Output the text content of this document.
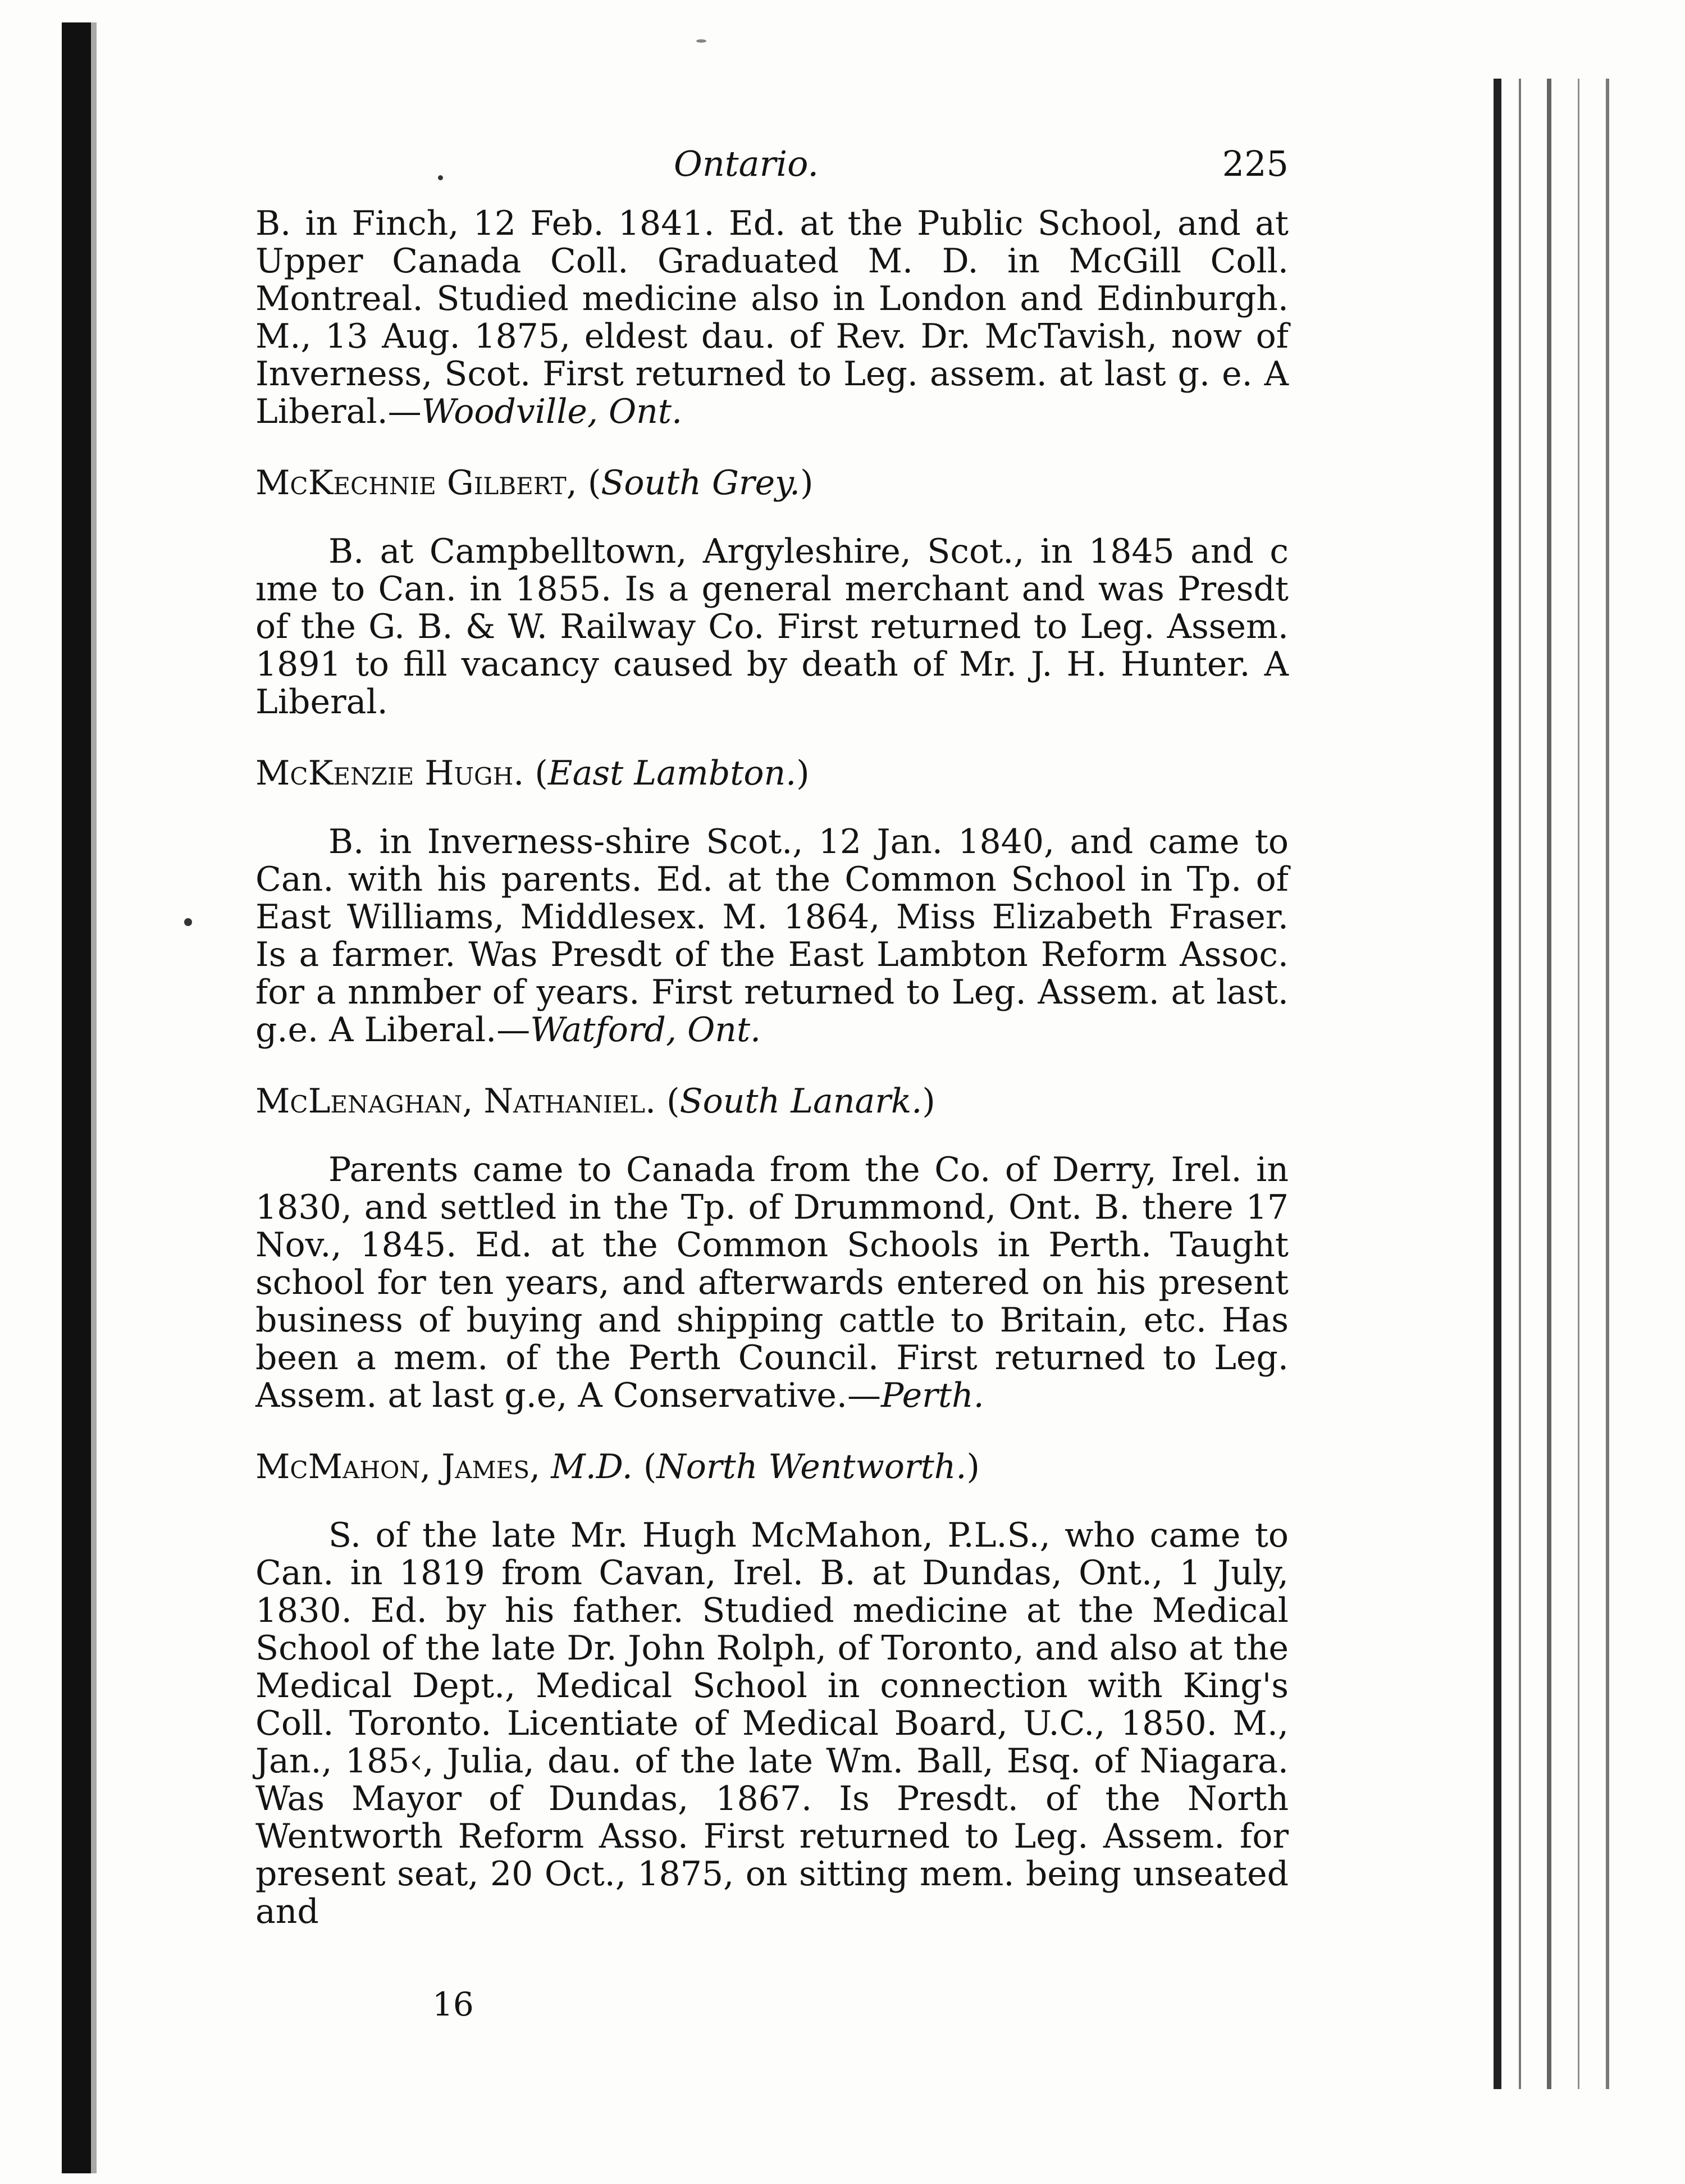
Ontario.	225

B. in Finch, 12 Feb. 1841. Ed. at the Public School, and at Upper Canada Coll. Graduated M. D. in McGill Coll. Montreal. Studied medicine also in London and Edinburgh. M., 13 Aug. 1875, eldest dau. of Rev. Dr. McTavish, now of Inverness, Scot. First returned to Leg. assem. at last g. e. A Liberal.—Woodville, Ont.

McKechnie Gilbert, (South Grey.)

B. at Campbelltown, Argyleshire, Scot., in 1845 and c ıme to Can. in 1855. Is a general merchant and was Presdt of the G. B. & W. Railway Co. First returned to Leg. Assem. 1891 to fill vacancy caused by death of Mr. J. H. Hunter. A Liberal.

McKenzie Hugh. (East Lambton.)

B. in Inverness-shire Scot., 12 Jan. 1840, and came to Can. with his parents. Ed. at the Common School in Tp. of East Williams, Middlesex. M. 1864, Miss Elizabeth Fraser. Is a farmer. Was Presdt of the East Lambton Reform Assoc. for a nnmber of years. First returned to Leg. Assem. at last. g.e. A Liberal.—Watford, Ont.

McLenaghan, Nathaniel. (South Lanark.)

Parents came to Canada from the Co. of Derry, Irel. in 1830, and settled in the Tp. of Drummond, Ont. B. there 17 Nov., 1845. Ed. at the Common Schools in Perth. Taught school for ten years, and afterwards entered on his present business of buying and shipping cattle to Britain, etc. Has been a mem. of the Perth Council. First returned to Leg. Assem. at last g.e, A Conservative.—Perth.

McMahon, James, M.D. (North Wentworth.)

S. of the late Mr. Hugh McMahon, P.L.S., who came to Can. in 1819 from Cavan, Irel. B. at Dundas, Ont., 1 July, 1830. Ed. by his father. Studied medicine at the Medical School of the late Dr. John Rolph, of Toronto, and also at the Medical Dept., Medical School in connection with King's Coll. Toronto. Licentiate of Medical Board, U.C., 1850. M., Jan., 185‹, Julia, dau. of the late Wm. Ball, Esq. of Niagara. Was Mayor of Dundas, 1867. Is Presdt. of the North Wentworth Reform Asso. First returned to Leg. Assem. for present seat, 20 Oct., 1875, on sitting mem. being unseated and

16
